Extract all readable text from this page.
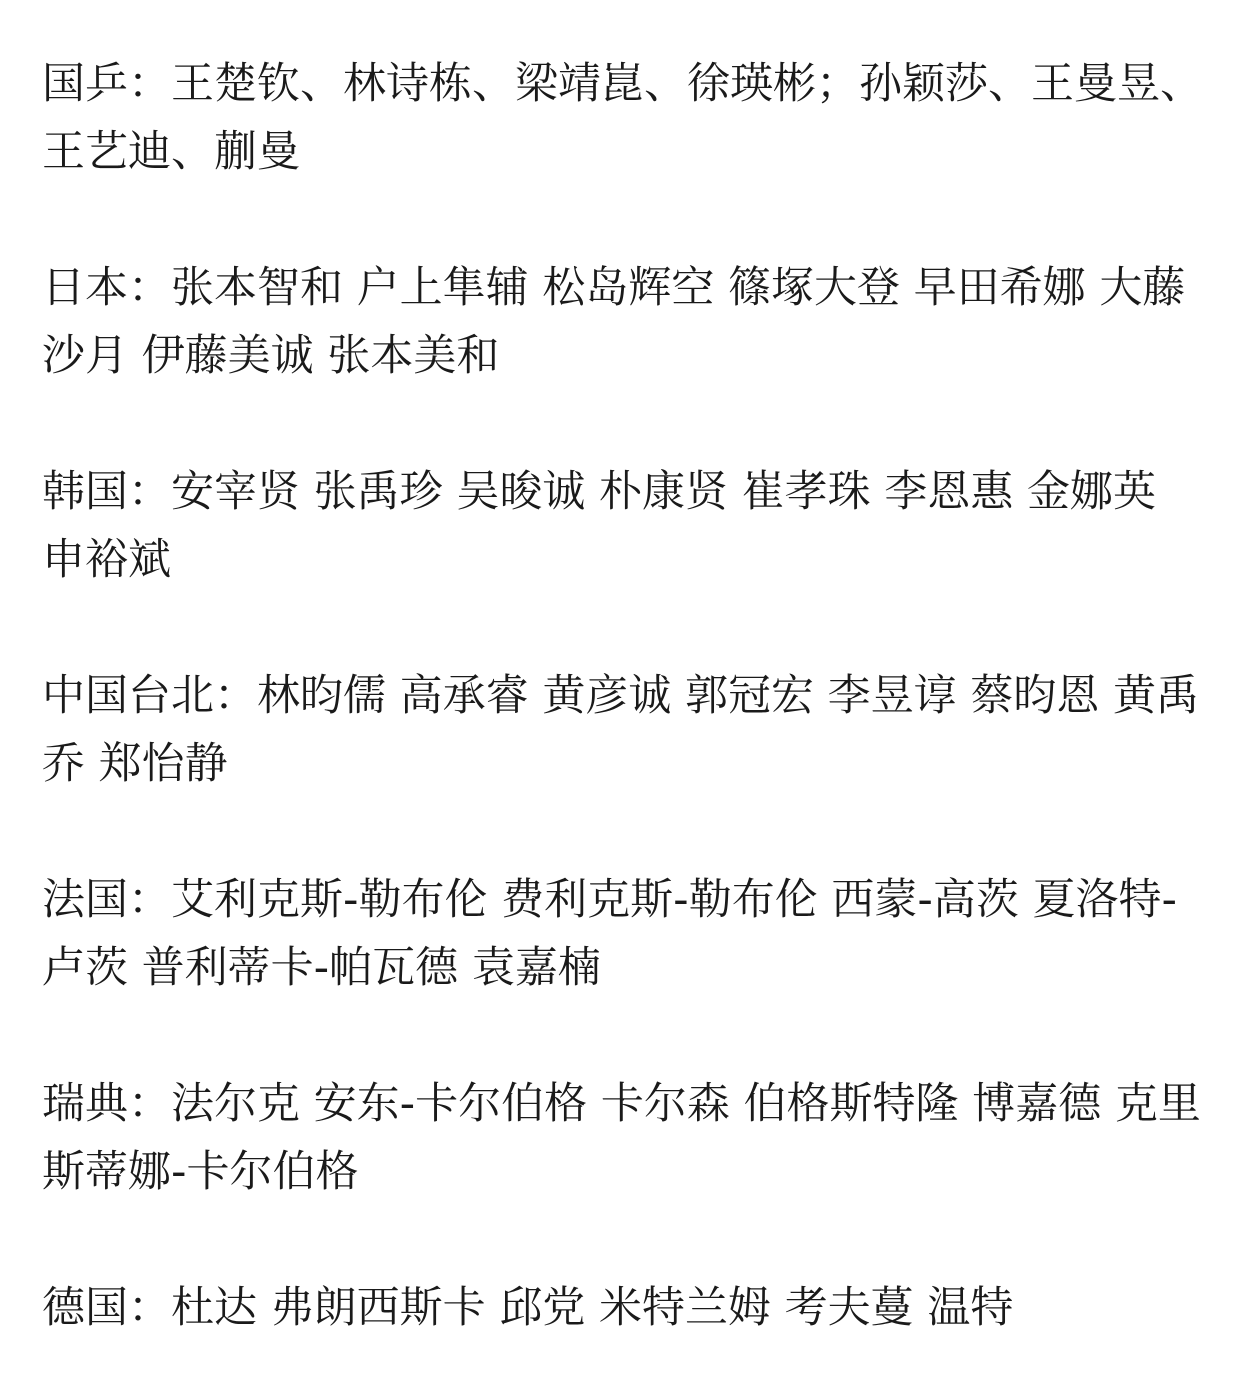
国乒：王楚钦、林诗栋、梁靖崑、徐瑛彬；孙颖莎、王曼昱、王艺迪、蒯曼

日本：张本智和 户上隼辅 松岛辉空 篠塚大登 早田希娜 大藤沙月 伊藤美诚 张本美和

韩国：安宰贤 张禹珍 吴晙诚 朴康贤 崔孝珠 李恩惠 金娜英 申裕斌

中国台北：林昀儒 高承睿 黄彦诚 郭冠宏 李昱谆 蔡昀恩 黄禹乔 郑怡静

法国：艾利克斯-勒布伦 费利克斯-勒布伦 西蒙-高茨 夏洛特-卢茨 普利蒂卡-帕瓦德 袁嘉楠

瑞典：法尔克 安东-卡尔伯格 卡尔森 伯格斯特隆 博嘉德 克里斯蒂娜-卡尔伯格

德国：杜达 弗朗西斯卡 邱党 米特兰姆 考夫蔓 温特
